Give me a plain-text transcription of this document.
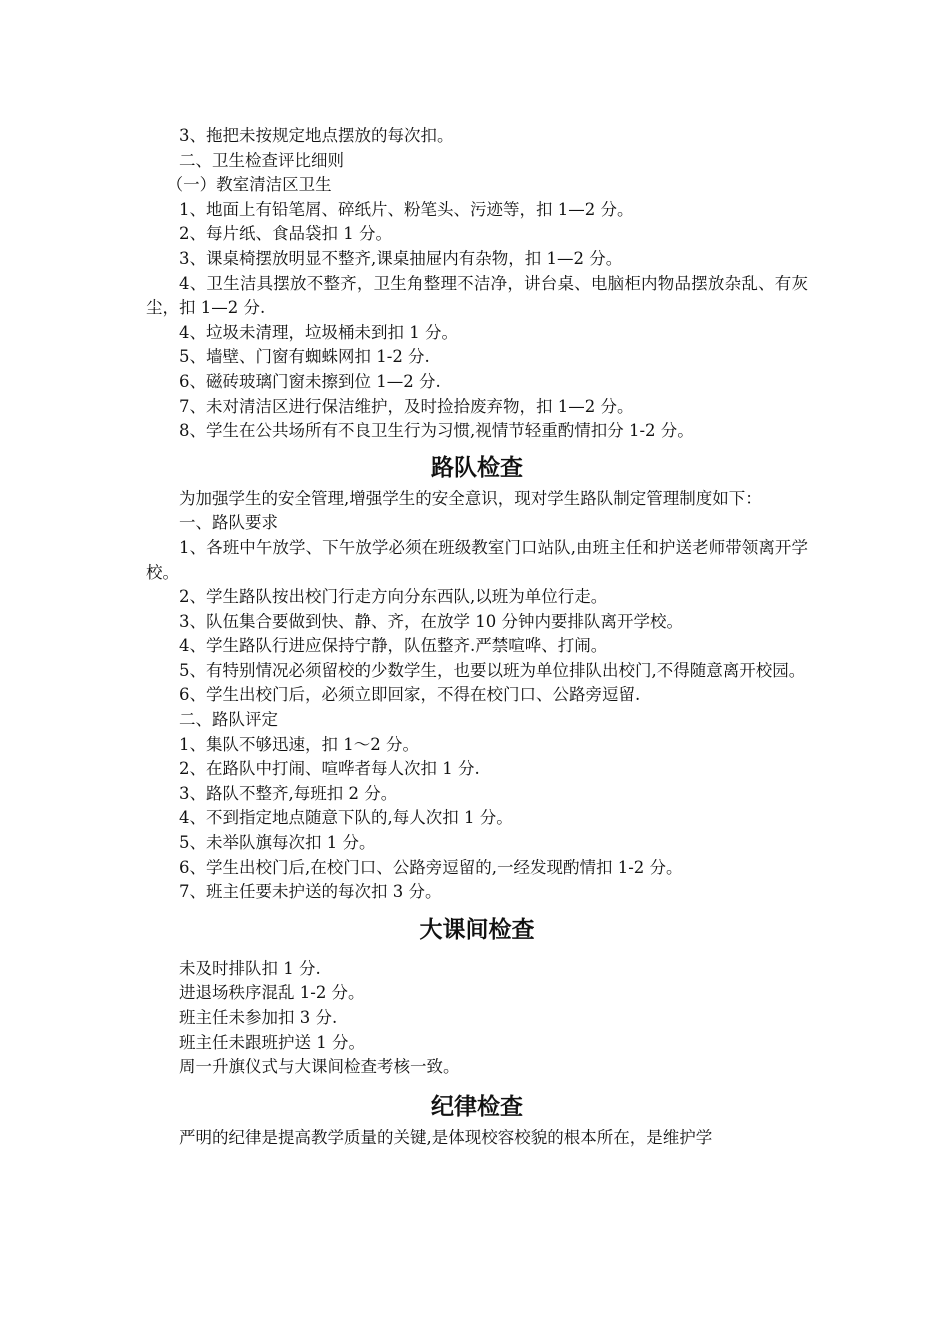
3、拖把未按规定地点摆放的每次扣。
二、卫生检查评比细则
（一）教室清洁区卫生
1、地面上有铅笔屑、碎纸片、粉笔头、污迹等，扣 1—2 分。
2、每片纸、食品袋扣 1 分。
3、课桌椅摆放明显不整齐,课桌抽屉内有杂物，扣 1—2 分。
4、卫生洁具摆放不整齐，卫生角整理不洁净，讲台桌、电脑柜内物品摆放杂乱、有灰尘，扣 1—2 分.
4、垃圾未清理，垃圾桶未到扣 1 分。
5、墙壁、门窗有蜘蛛网扣 1-2 分.
6、磁砖玻璃门窗未擦到位 1—2 分.
7、未对清洁区进行保洁维护，及时捡拾废弃物，扣 1—2 分。
8、学生在公共场所有不良卫生行为习惯,视情节轻重酌情扣分 1-2 分。
路队检查
为加强学生的安全管理,增强学生的安全意识，现对学生路队制定管理制度如下：
一、路队要求
1、各班中午放学、下午放学必须在班级教室门口站队,由班主任和护送老师带领离开学校。
2、学生路队按出校门行走方向分东西队,以班为单位行走。
3、队伍集合要做到快、静、齐，在放学 10 分钟内要排队离开学校。
4、学生路队行进应保持宁静，队伍整齐.严禁喧哗、打闹。
5、有特别情况必须留校的少数学生，也要以班为单位排队出校门,不得随意离开校园。
6、学生出校门后，必须立即回家，不得在校门口、公路旁逗留.
二、路队评定
1、集队不够迅速，扣 1～2 分。
2、在路队中打闹、喧哗者每人次扣 1 分.
3、路队不整齐,每班扣 2 分。
4、不到指定地点随意下队的,每人次扣 1 分。
5、未举队旗每次扣 1 分。
6、学生出校门后,在校门口、公路旁逗留的,一经发现酌情扣 1-2 分。
7、班主任要未护送的每次扣 3 分。
大课间检查
未及时排队扣 1 分.
进退场秩序混乱 1-2 分。
班主任未参加扣 3 分.
班主任未跟班护送 1 分。
周一升旗仪式与大课间检查考核一致。
纪律检查
严明的纪律是提高教学质量的关键,是体现校容校貌的根本所在，是维护学
